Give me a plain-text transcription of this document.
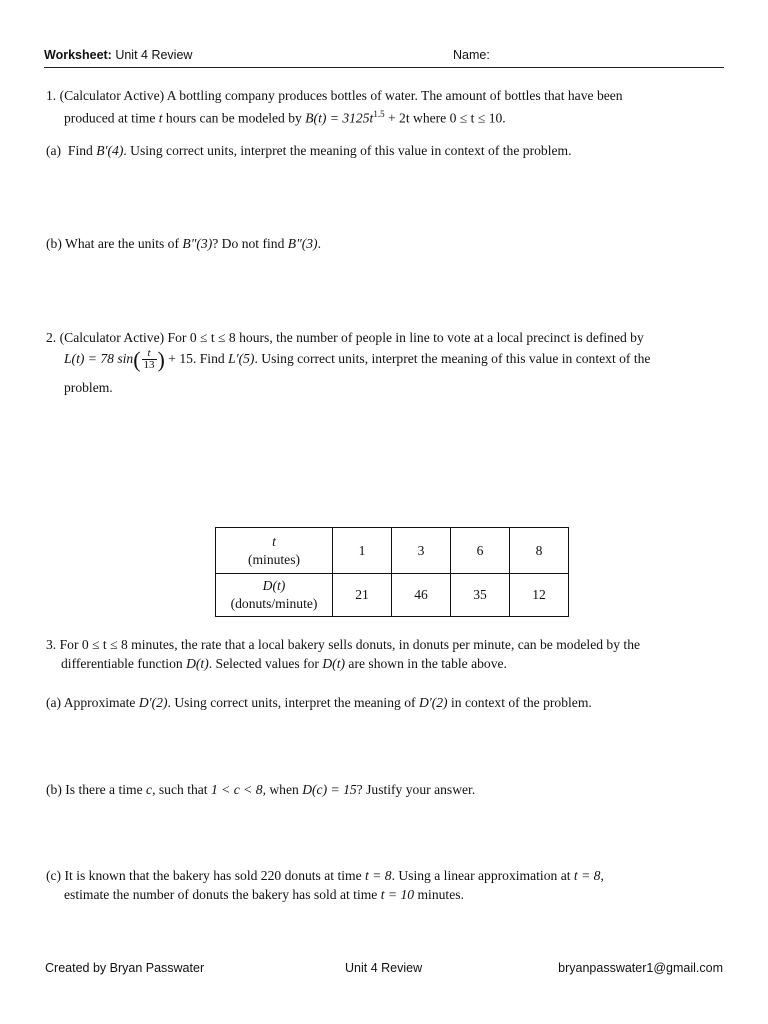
Worksheet: Unit 4 Review	Name:
1. (Calculator Active) A bottling company produces bottles of water. The amount of bottles that have been
produced at time t hours can be modeled by $B(t) = 3125t^{1.5} + 2t$ where 0 ≤ t ≤ 10.
(a) Find B′(4). Using correct units, interpret the meaning of this value in context of the problem.
(b) What are the units of B″(3)? Do not find B″(3).
2. (Calculator Active) For 0 ≤ t ≤ 8 hours, the number of people in line to vote at a local precinct is defined by
L(t) = 78 $\sin( \frac{t}{13}$ ) + 15. Find L′(5). Using correct units, interpret the meaning of this value in context of the
problem.
t
(minutes)	1	3	6	8
D(t)
(donuts/minute)	21	46	35	12
3. For 0 ≤ t ≤ 8 minutes, the rate that a local bakery sells donuts, in donuts per minute, can be modeled by the
differentiable function D(t). Selected values for D(t) are shown in the table above.
(a) Approximate D′(2). Using correct units, interpret the meaning of D′(2) in context of the problem.
(b) Is there a time c, such that 1 < c < 8, when D(c) = 15? Justify your answer.
(c) It is known that the bakery has sold 220 donuts at time t = 8. Using a linear approximation at t = 8,
estimate the number of donuts the bakery has sold at time t = 10 minutes.
Created by Bryan Passwater	Unit 4 Review	bryanpasswater1@gmail.com
